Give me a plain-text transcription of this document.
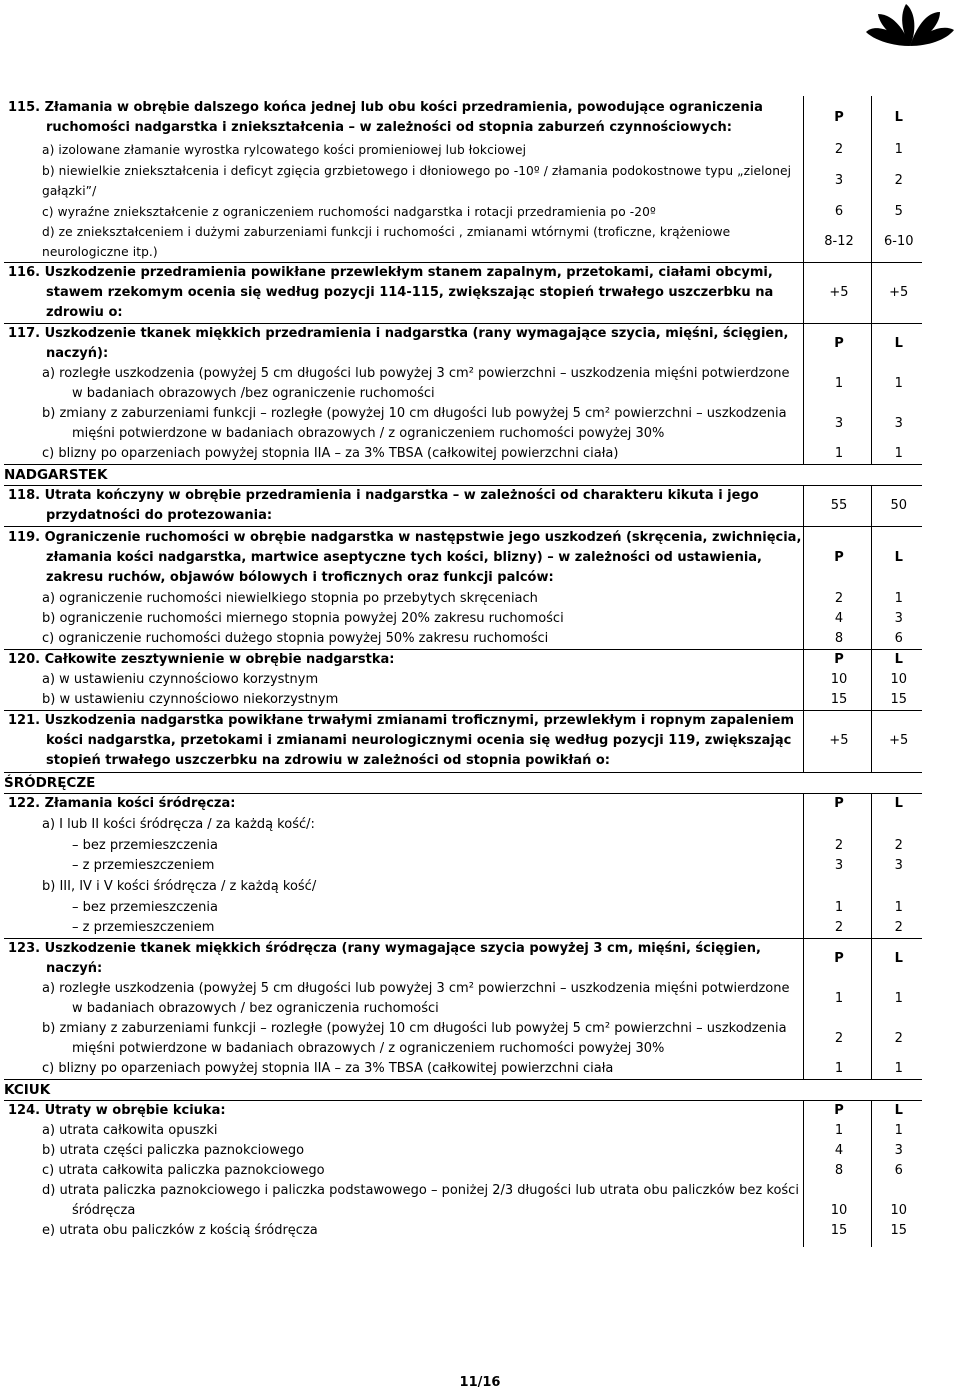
115. Złamania w obrębie dalszego końca jednej lub obu kości przedramienia, powodujące ograniczenia ruchomości nadgarstka i zniekształcenia – w zależności od stopnia zaburzeń czynnościowych:	P	L
a) izolowane złamanie wyrostka rylcowatego kości promieniowej lub łokciowej	2	1
b) niewielkie zniekształcenia i deficyt zgięcia grzbietowego i dłoniowego po -10º / złamania podokostnowe typu „zielonej gałązki”/	3	2
c) wyraźne zniekształcenie z ograniczeniem ruchomości nadgarstka i rotacji przedramienia po -20º	6	5
d) ze zniekształceniem i dużymi zaburzeniami funkcji i ruchomości , zmianami wtórnymi (troficzne, krążeniowe neurologiczne itp.)	8-12	6-10
116. Uszkodzenie przedramienia powikłane przewlekłym stanem zapalnym, przetokami, ciałami obcymi, stawem rzekomym ocenia się według pozycji 114-115, zwiększając stopień trwałego uszczerbku na zdrowiu o:	+5	+5
117. Uszkodzenie tkanek miękkich przedramienia i nadgarstka (rany wymagające szycia, mięśni, ścięgien, naczyń):	P	L
a) rozległe uszkodzenia (powyżej 5 cm długości lub powyżej 3 cm² powierzchni – uszkodzenia mięśni potwierdzone w badaniach obrazowych /bez ograniczenie ruchomości	1	1
b) zmiany z zaburzeniami funkcji – rozległe (powyżej 10 cm długości lub powyżej 5 cm² powierzchni – uszkodzenia mięśni potwierdzone w badaniach obrazowych / z ograniczeniem ruchomości powyżej 30%	3	3
c) blizny po oparzeniach powyżej stopnia IIA – za 3% TBSA (całkowitej powierzchni ciała)	1	1
NADGARSTEK		
118. Utrata kończyny w obrębie przedramienia i nadgarstka – w zależności od charakteru kikuta i jego przydatności do protezowania:	55	50
119. Ograniczenie ruchomości w obrębie nadgarstka w następstwie jego uszkodzeń (skręcenia, zwichnięcia, złamania kości nadgarstka, martwice aseptyczne tych kości, blizny) – w zależności od ustawienia, zakresu ruchów, objawów bólowych i troficznych oraz funkcji palców:	P	L
a) ograniczenie ruchomości niewielkiego stopnia po przebytych skręceniach	2	1
b) ograniczenie ruchomości miernego stopnia powyżej 20% zakresu ruchomości	4	3
c) ograniczenie ruchomości dużego stopnia powyżej 50% zakresu ruchomości	8	6
120. Całkowite zesztywnienie w obrębie nadgarstka:	P	L
a) w ustawieniu czynnościowo korzystnym	10	10
b) w ustawieniu czynnościowo niekorzystnym	15	15
121. Uszkodzenia nadgarstka powikłane trwałymi zmianami troficznymi, przewlekłym i ropnym zapaleniem kości nadgarstka, przetokami i zmianami neurologicznymi ocenia się według pozycji 119, zwiększając stopień trwałego uszczerbku na zdrowiu w zależności od stopnia powikłań o:	+5	+5
ŚRÓDRĘCZE		
122. Złamania kości śródręcza:	P	L
a) I lub II kości śródręcza / za każdą kość/:		
– bez przemieszczenia	2	2
– z przemieszczeniem	3	3
b) III, IV i V kości śródręcza / z każdą kość/		
– bez przemieszczenia	1	1
– z przemieszczeniem	2	2
123. Uszkodzenie tkanek miękkich śródręcza (rany wymagające szycia powyżej 3 cm, mięśni, ścięgien, naczyń:	P	L
a) rozległe uszkodzenia (powyżej 5 cm długości lub powyżej 3 cm² powierzchni – uszkodzenia mięśni potwierdzone w badaniach obrazowych / bez ograniczenia ruchomości	1	1
b) zmiany z zaburzeniami funkcji – rozległe (powyżej 10 cm długości lub powyżej 5 cm² powierzchni – uszkodzenia mięśni potwierdzone w badaniach obrazowych / z ograniczeniem ruchomości powyżej 30%	2	2
c) blizny po oparzeniach powyżej stopnia IIA – za 3% TBSA (całkowitej powierzchni ciała	1	1
KCIUK		
124. Utraty w obrębie kciuka:	P	L
a) utrata całkowita opuszki	1	1
b) utrata części paliczka paznokciowego	4	3
c) utrata całkowita paliczka paznokciowego	8	6
d) utrata paliczka paznokciowego i paliczka podstawowego – poniżej 2/3 długości lub utrata obu paliczków bez kości śródręcza	10	10
e) utrata obu paliczków z kością śródręcza	15	15
11/16
